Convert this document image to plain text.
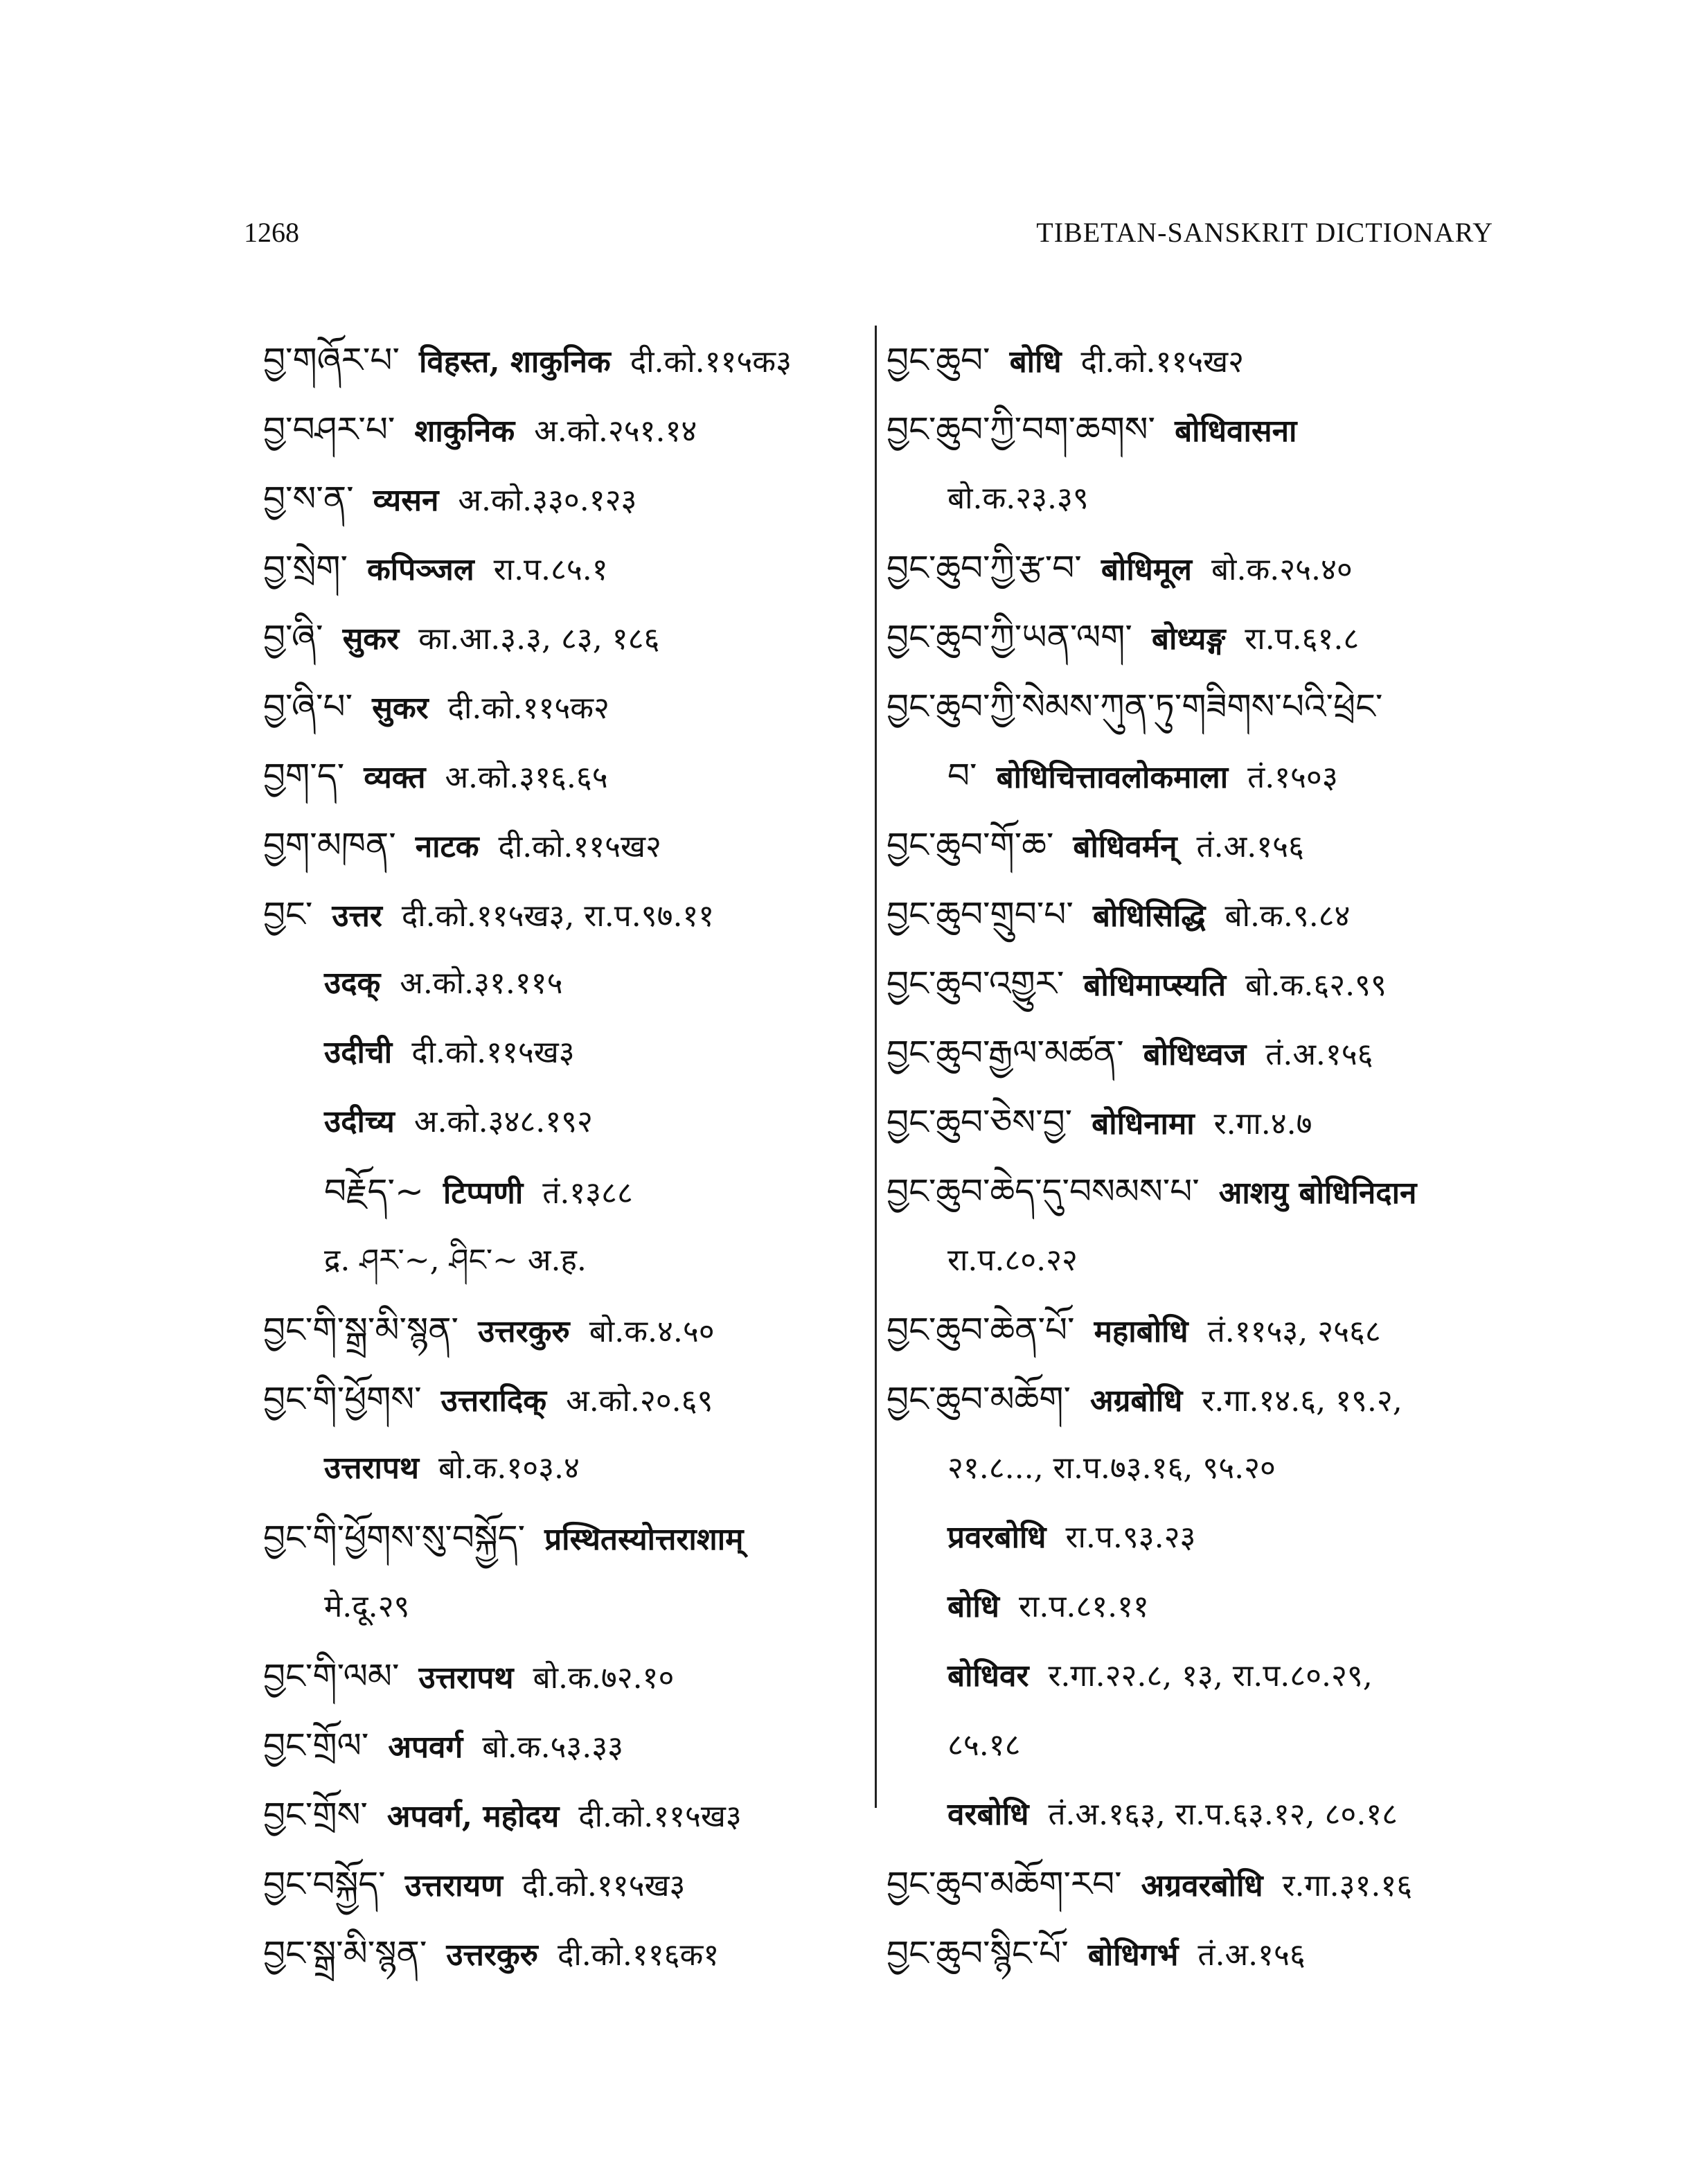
1268	TIBETAN-SANSKRIT DICTIONARY
བྱ་གཞོར་པ་ विहस्त, शाकुनिक दी.को.११५क३
བྱ་བཤར་པ་ शाकुनिक अ.को.२५१.१४
བྱ་ས་ན་ व्यसन अ.को.३३०.१२३
བྱ་སྲེག་ कपिञ्जल रा.प.८५.१
བྱ་ཞི་ सुकर का.आ.३.३, ८३, १८६
བྱ་ཞི་པ་ सुकर दी.को.११५क२
བྱག་ད་ व्यक्त अ.को.३१६.६५
བྱག་མཁན་ नाटक दी.को.११५ख२
བྱང་ उत्तर दी.को.११५ख३, रा.प.९७.११
उदक् अ.को.३१.११५
उदीची दी.को.११५ख३
उदीच्य अ.को.३४८.१९२
བརྗོད་~ टिप्पणी तं.१३८८
द्र. ཤར་~, ཤིང་~ अ.ह.
བྱང་གི་སྒྲ་མི་སྙན་ उत्तरकुरु बो.क.४.५०
བྱང་གི་ཕྱོགས་ उत्तरादिक् अ.को.२०.६९
उत्तरापथ बो.क.१०३.४
བྱང་གི་ཕྱོགས་སུ་བསྐྱོད་ प्रस्थितस्योत्तराशाम्
मे.दू.२९
བྱང་གི་ལམ་ उत्तरापथ बो.क.७२.१०
བྱང་གྲོལ་ अपवर्ग बो.क.५३.३३
བྱང་གྲོས་ अपवर्ग, महोदय दी.को.११५ख३
བྱང་བསྐྱོད་ उत्तरायण दी.को.११५ख३
བྱང་སྒྲ་མི་སྙན་ उत्तरकुरु दी.को.११६क१
བྱང་ཆུབ་ बोधि दी.को.११५ख२
བྱང་ཆུབ་ཀྱི་བག་ཆགས་ बोधिवासना
बो.क.२३.३९
བྱང་ཆུབ་ཀྱི་རྩ་བ་ बोधिमूल बो.क.२५.४०
བྱང་ཆུབ་ཀྱི་ཡན་ལག་ बोध्यङ्ग रा.प.६१.८
བྱང་ཆུབ་ཀྱི་སེམས་ཀུན་ཏུ་གཟིགས་པའི་ཕྲེང་
བ་ बोधिचित्तावलोकमाला तं.१५०३
བྱང་ཆུབ་གོ་ཆ་ बोधिवर्मन् तं.अ.१५६
བྱང་ཆུབ་གྲུབ་པ་ बोधिसिद्धि बो.क.९.८४
བྱང་ཆུབ་འགྱུར་ बोधिमाप्स्यति बो.क.६२.९९
བྱང་ཆུབ་རྒྱལ་མཚན་ बोधिध्वज तं.अ.१५६
བྱང་ཆུབ་ཅེས་བྱ་ बोधिनामा र.गा.४.७
བྱང་ཆུབ་ཆེད་དུ་བསམས་པ་ आशयु बोधिनिदान
रा.प.८०.२२
བྱང་ཆུབ་ཆེན་པོ་ महाबोधि तं.११५३, २५६८
བྱང་ཆུབ་མཆོག་ अग्रबोधि र.गा.१४.६, १९.२,
२१.८..., रा.प.७३.१६, ९५.२०
प्रवरबोधि रा.प.९३.२३
बोधि रा.प.८१.११
बोधिवर र.गा.२२.८, १३, रा.प.८०.२९,
८५.१८
वरबोधि तं.अ.१६३, रा.प.६३.१२, ८०.१८
བྱང་ཆུབ་མཆོག་རབ་ अग्रवरबोधि र.गा.३१.१६
བྱང་ཆུབ་སྙིང་པོ་ बोधिगर्भ तं.अ.१५६
